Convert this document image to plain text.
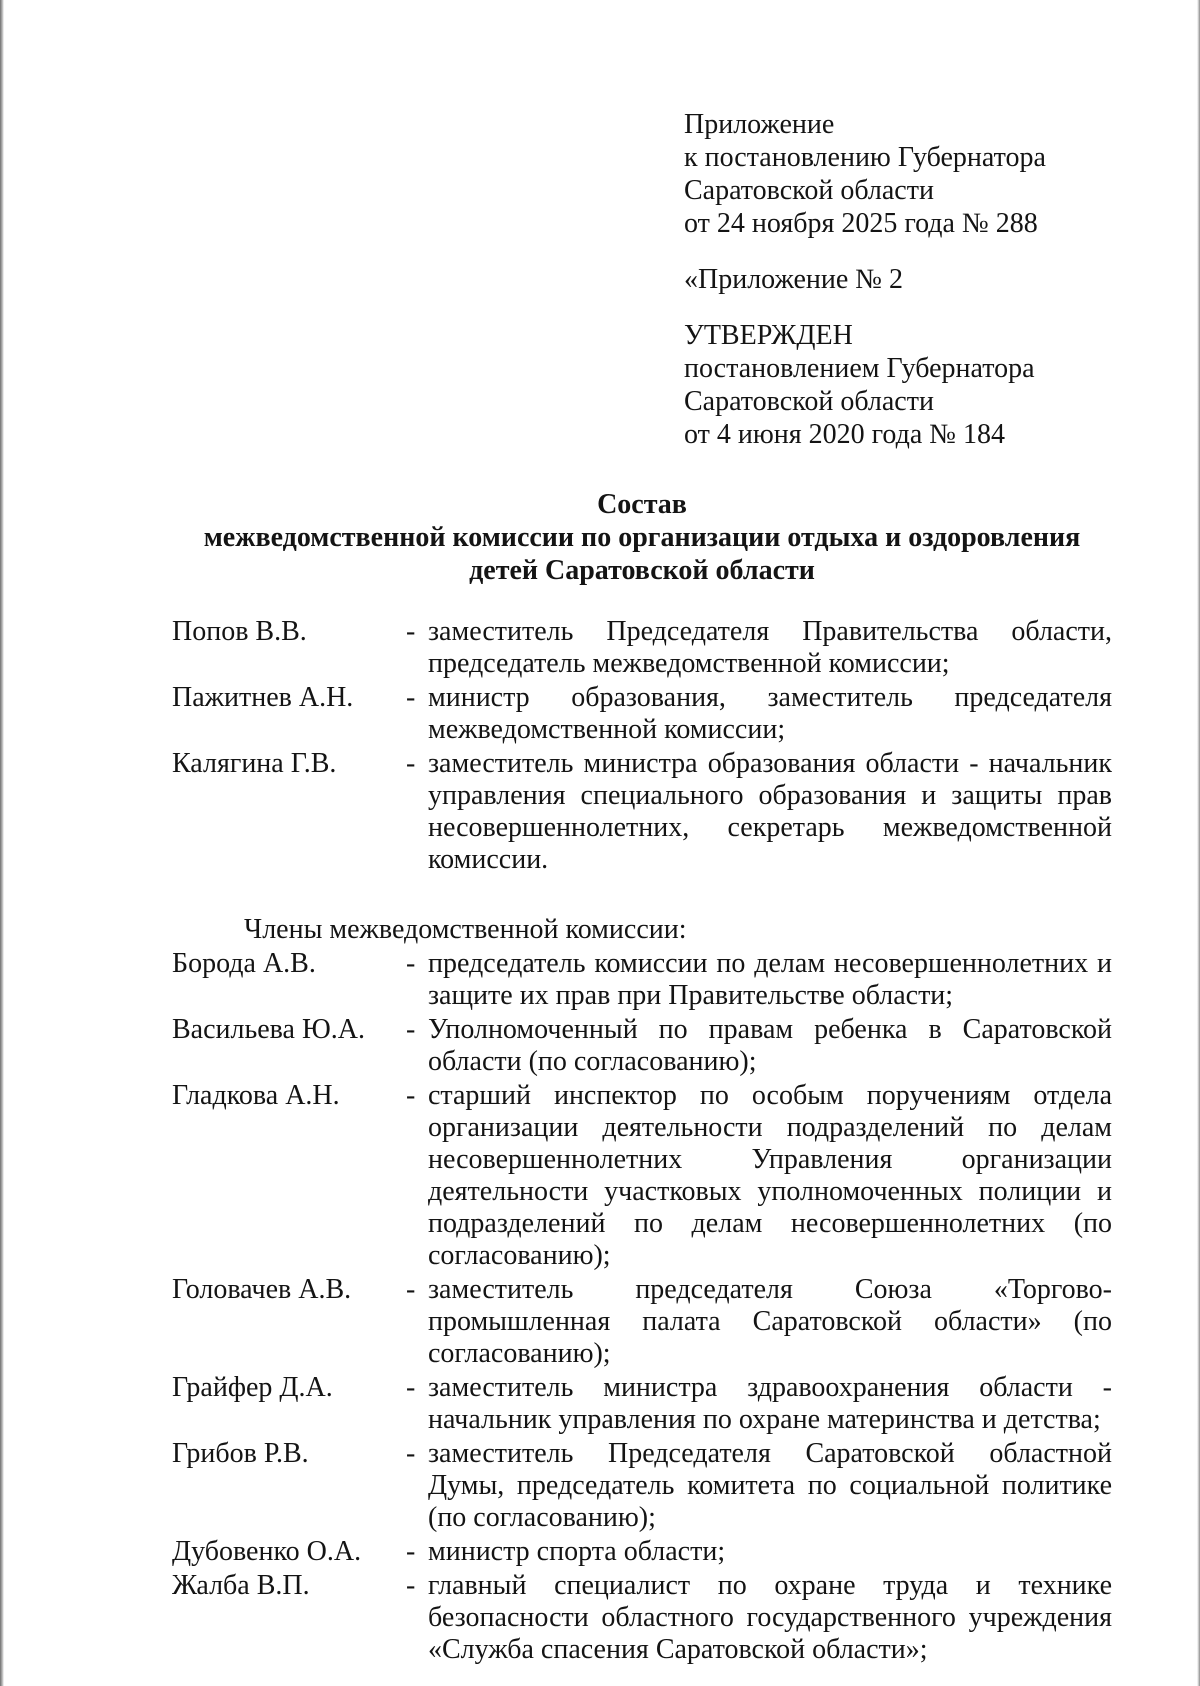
Приложение
к постановлению Губернатора
Саратовской области
от 24 ноября 2025 года № 288
«Приложение № 2
УТВЕРЖДЕН
постановлением Губернатора
Саратовской области
от 4 июня 2020 года № 184
Состав
межведомственной комиссии по организации отдыха и оздоровления
детей Саратовской области
Попов В.В.	- заместитель Председателя Правительства области, председатель межведомственной комиссии;
Пажитнев А.Н.	- министр образования, заместитель председателя межведомственной комиссии;
Калягина Г.В.	- заместитель министра образования области - начальник управления специального образования и защиты прав несовершеннолетних, секретарь межведомственной комиссии.
Члены межведомственной комиссии:
Борода А.В.	- председатель комиссии по делам несовершеннолетних и защите их прав при Правительстве области;
Васильева Ю.А.	- Уполномоченный по правам ребенка в Саратовской области (по согласованию);
Гладкова А.Н.	- старший инспектор по особым поручениям отдела организации деятельности подразделений по делам несовершеннолетних Управления организации деятельности участковых уполномоченных полиции и подразделений по делам несовершеннолетних (по согласованию);
Головачев А.В.	- заместитель председателя Союза «Торгово-промышленная палата Саратовской области» (по согласованию);
Грайфер Д.А.	- заместитель министра здравоохранения области - начальник управления по охране материнства и детства;
Грибов Р.В.	- заместитель Председателя Саратовской областной Думы, председатель комитета по социальной политике (по согласованию);
Дубовенко О.А.	- министр спорта области;
Жалба В.П.	- главный специалист по охране труда и технике безопасности областного государственного учреждения «Служба спасения Саратовской области»;
